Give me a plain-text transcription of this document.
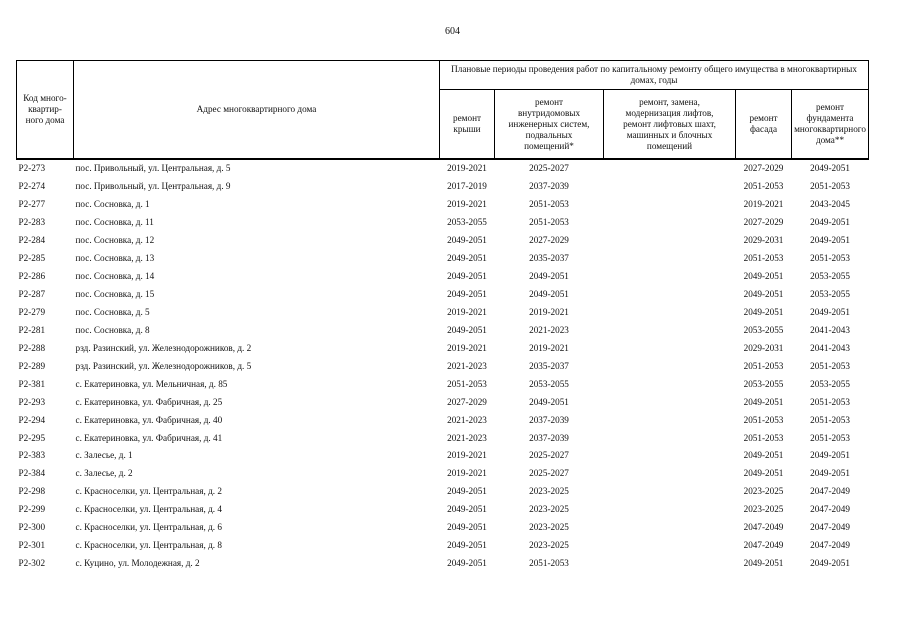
604
Код много-
квартир-
ного дома	Адрес многоквартирного дома	Плановые периоды проведения работ по капитальному ремонту общего имущества в многоквартирных домах, годы				
		ремонт
крыши	ремонт
внутридомовых
инженерных систем,
подвальных
помещений*	ремонт, замена,
модернизация лифтов,
ремонт лифтовых шахт,
машинных и блочных
помещений	ремонт
фасада	ремонт фундамента
многоквартирного
дома**
Р2-273	пос. Привольный, ул. Центральная, д. 5	2019-2021	2025-2027		2027-2029	2049-2051
Р2-274	пос. Привольный, ул. Центральная, д. 9	2017-2019	2037-2039		2051-2053	2051-2053
Р2-277	пос. Сосновка, д. 1	2019-2021	2051-2053		2019-2021	2043-2045
Р2-283	пос. Сосновка, д. 11	2053-2055	2051-2053		2027-2029	2049-2051
Р2-284	пос. Сосновка, д. 12	2049-2051	2027-2029		2029-2031	2049-2051
Р2-285	пос. Сосновка, д. 13	2049-2051	2035-2037		2051-2053	2051-2053
Р2-286	пос. Сосновка, д. 14	2049-2051	2049-2051		2049-2051	2053-2055
Р2-287	пос. Сосновка, д. 15	2049-2051	2049-2051		2049-2051	2053-2055
Р2-279	пос. Сосновка, д. 5	2019-2021	2019-2021		2049-2051	2049-2051
Р2-281	пос. Сосновка, д. 8	2049-2051	2021-2023		2053-2055	2041-2043
Р2-288	рзд. Разинский, ул. Железнодорожников, д. 2	2019-2021	2019-2021		2029-2031	2041-2043
Р2-289	рзд. Разинский, ул. Железнодорожников, д. 5	2021-2023	2035-2037		2051-2053	2051-2053
Р2-381	с. Екатериновка, ул. Мельничная, д. 85	2051-2053	2053-2055		2053-2055	2053-2055
Р2-293	с. Екатериновка, ул. Фабричная, д. 25	2027-2029	2049-2051		2049-2051	2051-2053
Р2-294	с. Екатериновка, ул. Фабричная, д. 40	2021-2023	2037-2039		2051-2053	2051-2053
Р2-295	с. Екатериновка, ул. Фабричная, д. 41	2021-2023	2037-2039		2051-2053	2051-2053
Р2-383	с. Залесье, д. 1	2019-2021	2025-2027		2049-2051	2049-2051
Р2-384	с. Залесье, д. 2	2019-2021	2025-2027		2049-2051	2049-2051
Р2-298	с. Красноселки, ул. Центральная, д. 2	2049-2051	2023-2025		2023-2025	2047-2049
Р2-299	с. Красноселки, ул. Центральная, д. 4	2049-2051	2023-2025		2023-2025	2047-2049
Р2-300	с. Красноселки, ул. Центральная, д. 6	2049-2051	2023-2025		2047-2049	2047-2049
Р2-301	с. Красноселки, ул. Центральная, д. 8	2049-2051	2023-2025		2047-2049	2047-2049
Р2-302	с. Куцино, ул. Молодежная, д. 2	2049-2051	2051-2053		2049-2051	2049-2051
